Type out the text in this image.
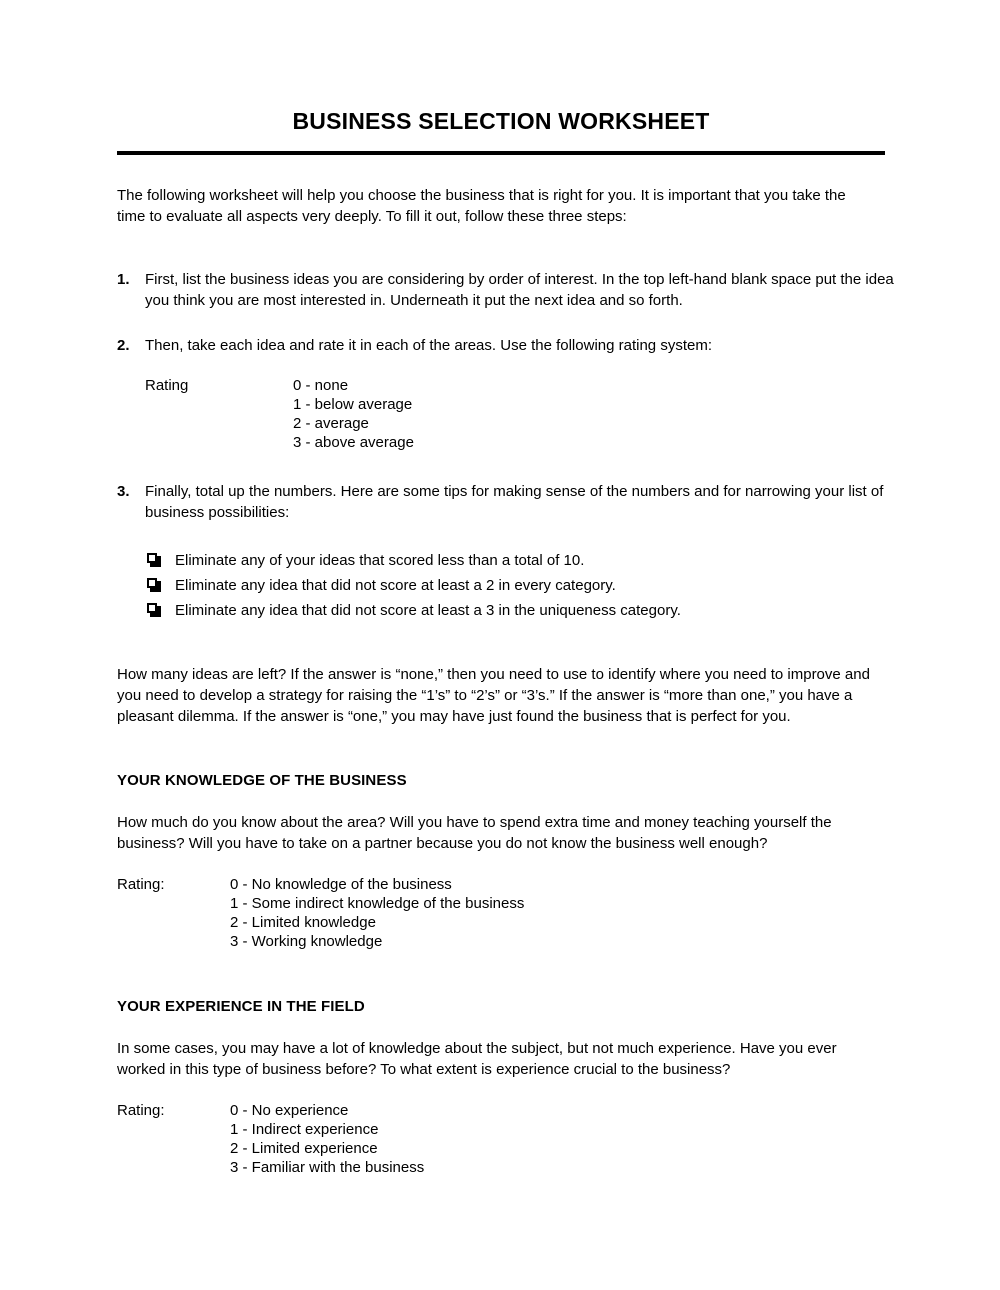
BUSINESS SELECTION WORKSHEET

The following worksheet will help you choose the business that is right for you. It is important that you take the time to evaluate all aspects very deeply. To fill it out, follow these three steps:

1. First, list the business ideas you are considering by order of interest. In the top left-hand blank space put the idea you think you are most interested in. Underneath it put the next idea and so forth.
2. Then, take each idea and rate it in each of the areas. Use the following rating system:
Rating	0 - none
1 - below average
2 - average
3 - above average
3. Finally, total up the numbers. Here are some tips for making sense of the numbers and for narrowing your list of business possibilities:
Eliminate any of your ideas that scored less than a total of 10.
Eliminate any idea that did not score at least a 2 in every category.
Eliminate any idea that did not score at least a 3 in the uniqueness category.

How many ideas are left? If the answer is “none,” then you need to use to identify where you need to improve and you need to develop a strategy for raising the “1’s” to “2’s” or “3’s.” If the answer is “more than one,” you have a pleasant dilemma. If the answer is “one,” you may have just found the business that is perfect for you.

YOUR KNOWLEDGE OF THE BUSINESS

How much do you know about the area? Will you have to spend extra time and money teaching yourself the business? Will you have to take on a partner because you do not know the business well enough?

Rating:	0 - No knowledge of the business
1 - Some indirect knowledge of the business
2 - Limited knowledge
3 - Working knowledge
YOUR EXPERIENCE IN THE FIELD

In some cases, you may have a lot of knowledge about the subject, but not much experience. Have you ever worked in this type of business before? To what extent is experience crucial to the business?

Rating:	0 - No experience
1 - Indirect experience
2 - Limited experience
3 - Familiar with the business
